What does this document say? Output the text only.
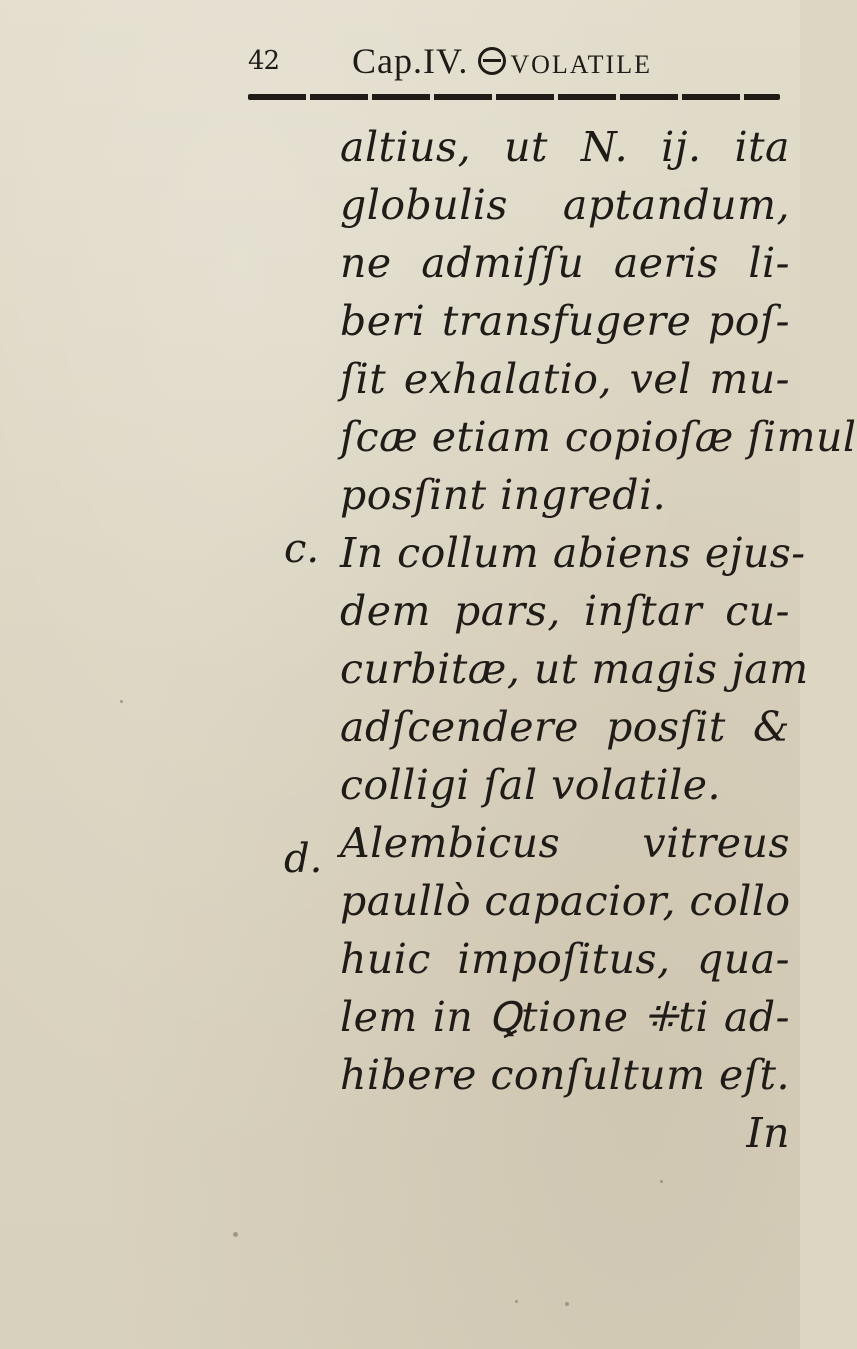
42 Cap.IV. VOLATILE
c.
d.
altius, ut N. ij. ita
globulis aptandum,
ne admiſſu aeris li-
beri transfugere poſ-
ſit exhalatio, vel mu-
ſcæ etiam copioſæ ſimul
posſint ingredi.
In collum abiens ejus-
dem pars, inſtar cu-
curbitæ, ut magis jam
adſcendere posſit &
colligi ſal volatile.
Alembicus vitreus
paullò capacior, collo
huic impoſitus, qua-
lem in Ꝗtione ⁜ti ad-
hibere conſultum eſt.
In
